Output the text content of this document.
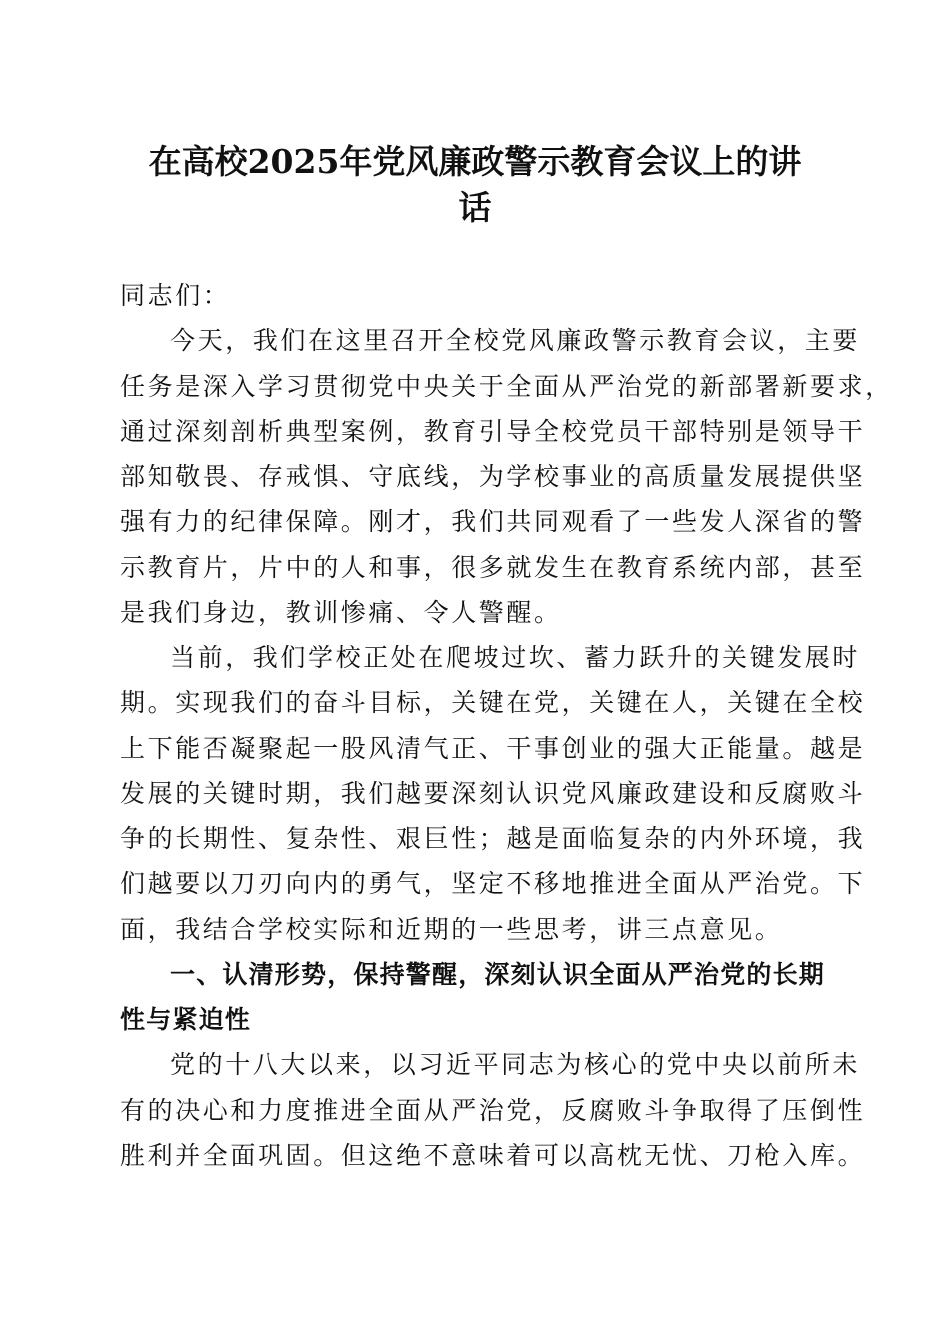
在高校2025年党风廉政警示教育会议上的讲
话

同志们：

今天，我们在这里召开全校党风廉政警示教育会议，主要

任务是深入学习贯彻党中央关于全面从严治党的新部署新要求，

通过深刻剖析典型案例，教育引导全校党员干部特别是领导干

部知敬畏、存戒惧、守底线，为学校事业的高质量发展提供坚

强有力的纪律保障。刚才，我们共同观看了一些发人深省的警

示教育片，片中的人和事，很多就发生在教育系统内部，甚至

是我们身边，教训惨痛、令人警醒。

当前，我们学校正处在爬坡过坎、蓄力跃升的关键发展时

期。实现我们的奋斗目标，关键在党，关键在人，关键在全校

上下能否凝聚起一股风清气正、干事创业的强大正能量。越是

发展的关键时期，我们越要深刻认识党风廉政建设和反腐败斗

争的长期性、复杂性、艰巨性；越是面临复杂的内外环境，我

们越要以刀刃向内的勇气，坚定不移地推进全面从严治党。下

面，我结合学校实际和近期的一些思考，讲三点意见。

一、认清形势，保持警醒，深刻认识全面从严治党的长期

性与紧迫性

党的十八大以来，以习近平同志为核心的党中央以前所未

有的决心和力度推进全面从严治党，反腐败斗争取得了压倒性

胜利并全面巩固。但这绝不意味着可以高枕无忧、刀枪入库。
